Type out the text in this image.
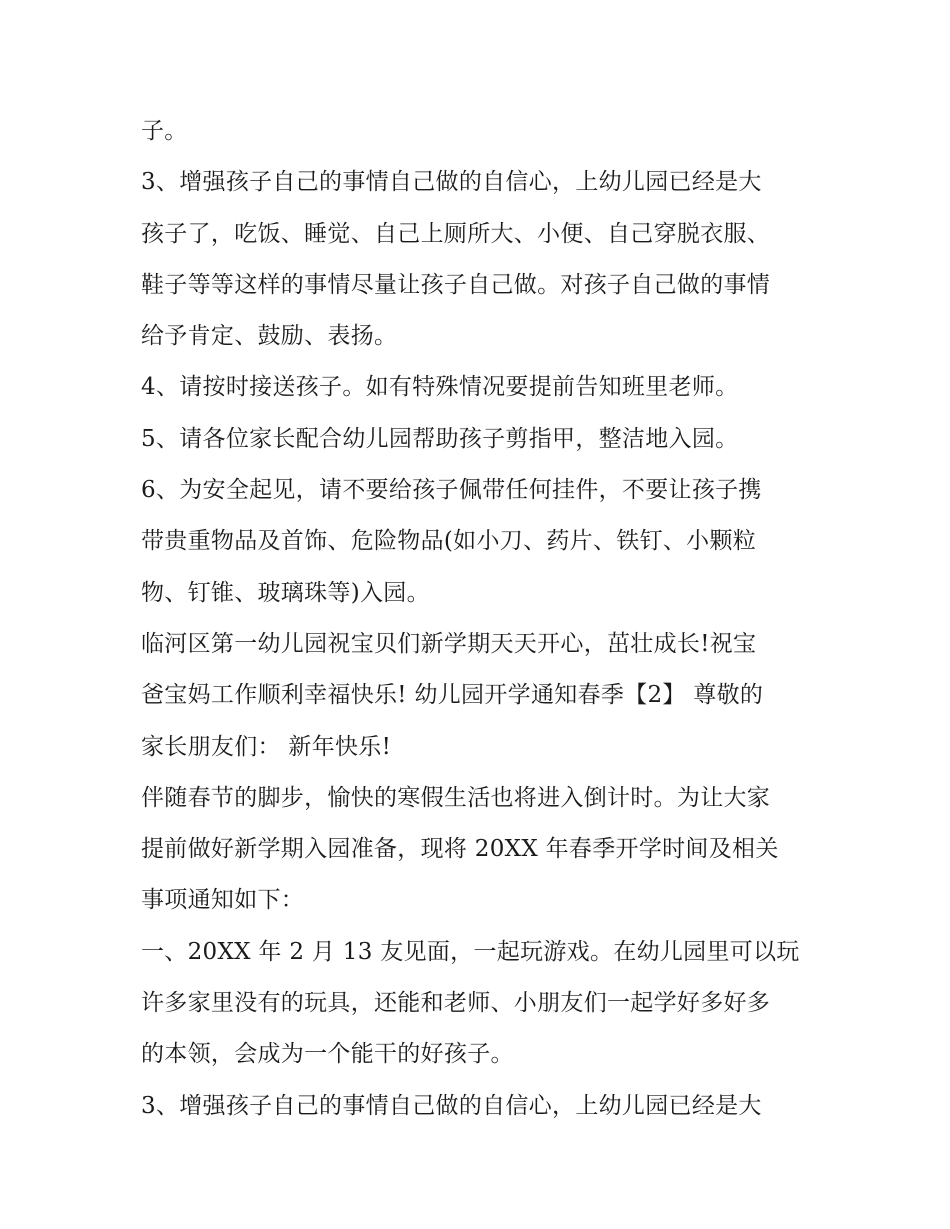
子。
3、增强孩子自己的事情自己做的自信心，上幼儿园已经是大
孩子了，吃饭、睡觉、自己上厕所大、小便、自己穿脱衣服、
鞋子等等这样的事情尽量让孩子自己做。对孩子自己做的事情
给予肯定、鼓励、表扬。
4、请按时接送孩子。如有特殊情况要提前告知班里老师。
5、请各位家长配合幼儿园帮助孩子剪指甲，整洁地入园。
6、为安全起见，请不要给孩子佩带任何挂件，不要让孩子携
带贵重物品及首饰、危险物品(如小刀、药片、铁钉、小颗粒
物、钉锥、玻璃珠等)入园。
临河区第一幼儿园祝宝贝们新学期天天开心，茁壮成长!祝宝
爸宝妈工作顺利幸福快乐! 幼儿园开学通知春季【2】 尊敬的
家长朋友们： 新年快乐!
伴随春节的脚步，愉快的寒假生活也将进入倒计时。为让大家
提前做好新学期入园准备，现将 20XX 年春季开学时间及相关
事项通知如下：
一、20XX 年 2 月 13 友见面，一起玩游戏。在幼儿园里可以玩
许多家里没有的玩具，还能和老师、小朋友们一起学好多好多
的本领，会成为一个能干的好孩子。
3、增强孩子自己的事情自己做的自信心，上幼儿园已经是大
